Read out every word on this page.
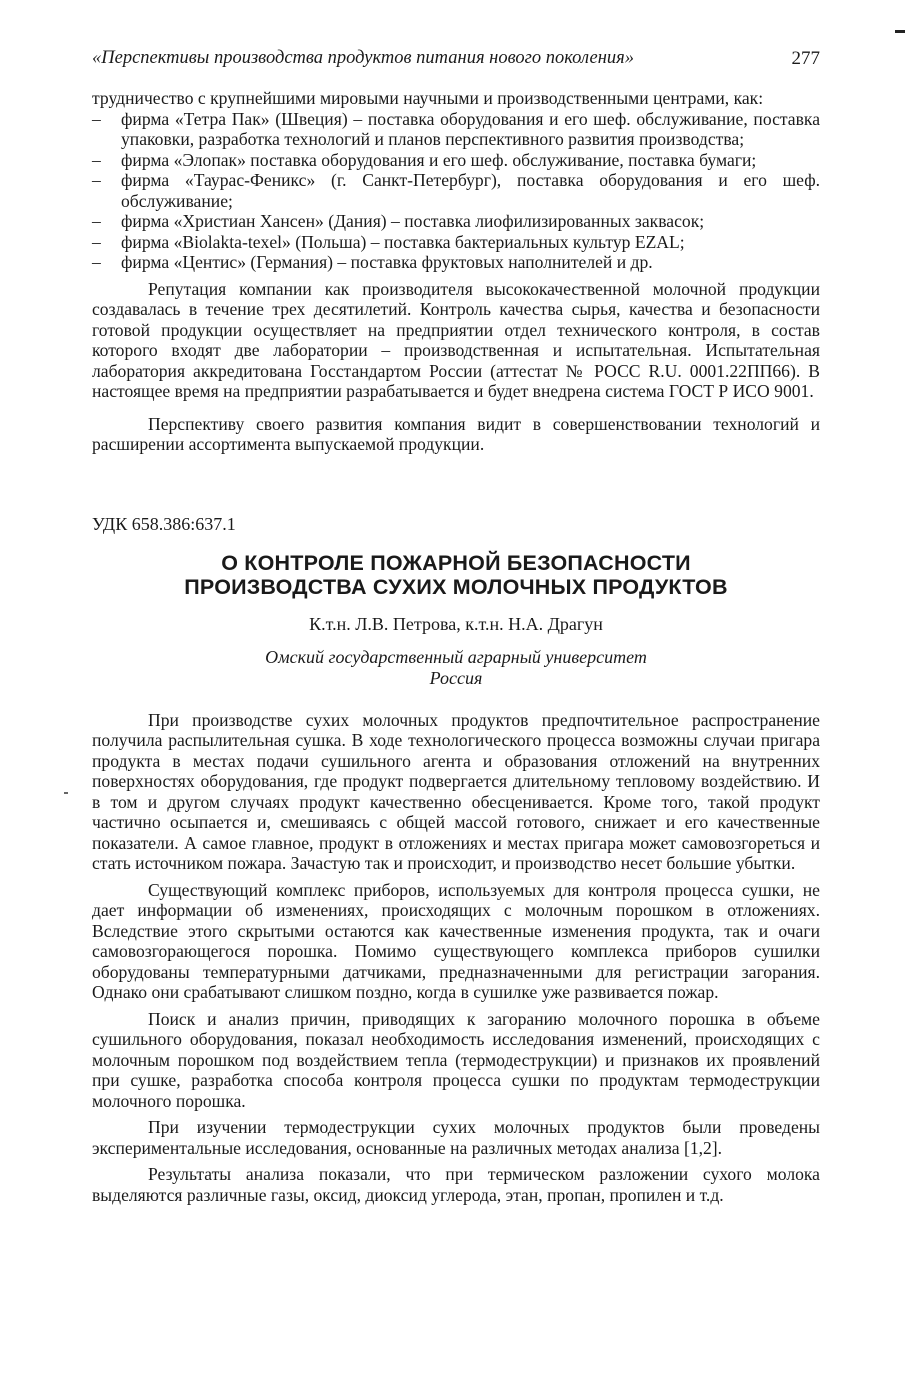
«Перспективы производства продуктов питания нового поколения»	277

трудничество с крупнейшими мировыми научными и производственными центрами, как:

– фирма «Тетра Пак» (Швеция) – поставка оборудования и его шеф. обслуживание, поставка упаковки, разработка технологий и планов перспективного развития производства;
– фирма «Элопак» поставка оборудования и его шеф. обслуживание, поставка бумаги;
– фирма «Таурас-Феникс» (г. Санкт-Петербург), поставка оборудования и его шеф. обслуживание;
– фирма «Христиан Хансен» (Дания) – поставка лиофилизированных заквасок;
– фирма «Biolakta-texel» (Польша) – поставка бактериальных культур EZAL;
– фирма «Центис» (Германия) – поставка фруктовых наполнителей и др.

Репутация компании как производителя высококачественной молочной продукции создавалась в течение трех десятилетий. Контроль качества сырья, качества и безопасности готовой продукции осуществляет на предприятии отдел технического контроля, в состав которого входят две лаборатории – производственная и испытательная. Испытательная лаборатория аккредитована Госстандартом России (аттестат № РОСС R.U. 0001.22ПП66). В настоящее время на предприятии разрабатывается и будет внедрена система ГОСТ Р ИСО 9001.

Перспективу своего развития компания видит в совершенствовании технологий и расширении ассортимента выпускаемой продукции.

УДК 658.386:637.1
О КОНТРОЛЕ ПОЖАРНОЙ БЕЗОПАСНОСТИ
ПРОИЗВОДСТВА СУХИХ МОЛОЧНЫХ ПРОДУКТОВ
К.т.н. Л.В. Петрова, к.т.н. Н.А. Драгун
Омский государственный аграрный университет
Россия

При производстве сухих молочных продуктов предпочтительное распространение получила распылительная сушка. В ходе технологического процесса возможны случаи пригара продукта в местах подачи сушильного агента и образования отложений на внутренних поверхностях оборудования, где продукт подвергается длительному тепловому воздействию. И в том и другом случаях продукт качественно обесценивается. Кроме того, такой продукт частично осыпается и, смешиваясь с общей массой готового, снижает и его качественные показатели. А самое главное, продукт в отложениях и местах пригара может самовозгореться и стать источником пожара. Зачастую так и происходит, и производство несет большие убытки.

Существующий комплекс приборов, используемых для контроля процесса сушки, не дает информации об изменениях, происходящих с молочным порошком в отложениях. Вследствие этого скрытыми остаются как качественные изменения продукта, так и очаги самовозгорающегося порошка. Помимо существующего комплекса приборов сушилки оборудованы температурными датчиками, предназначенными для регистрации загорания. Однако они срабатывают слишком поздно, когда в сушилке уже развивается пожар.

Поиск и анализ причин, приводящих к загоранию молочного порошка в объеме сушильного оборудования, показал необходимость исследования изменений, происходящих с молочным порошком под воздействием тепла (термодеструкции) и признаков их проявлений при сушке, разработка способа контроля процесса сушки по продуктам термодеструкции молочного порошка.

При изучении термодеструкции сухих молочных продуктов были проведены экспериментальные исследования, основанные на различных методах анализа [1,2].

Результаты анализа показали, что при термическом разложении сухого молока выделяются различные газы, оксид, диоксид углерода, этан, пропан, пропилен и т.д.
